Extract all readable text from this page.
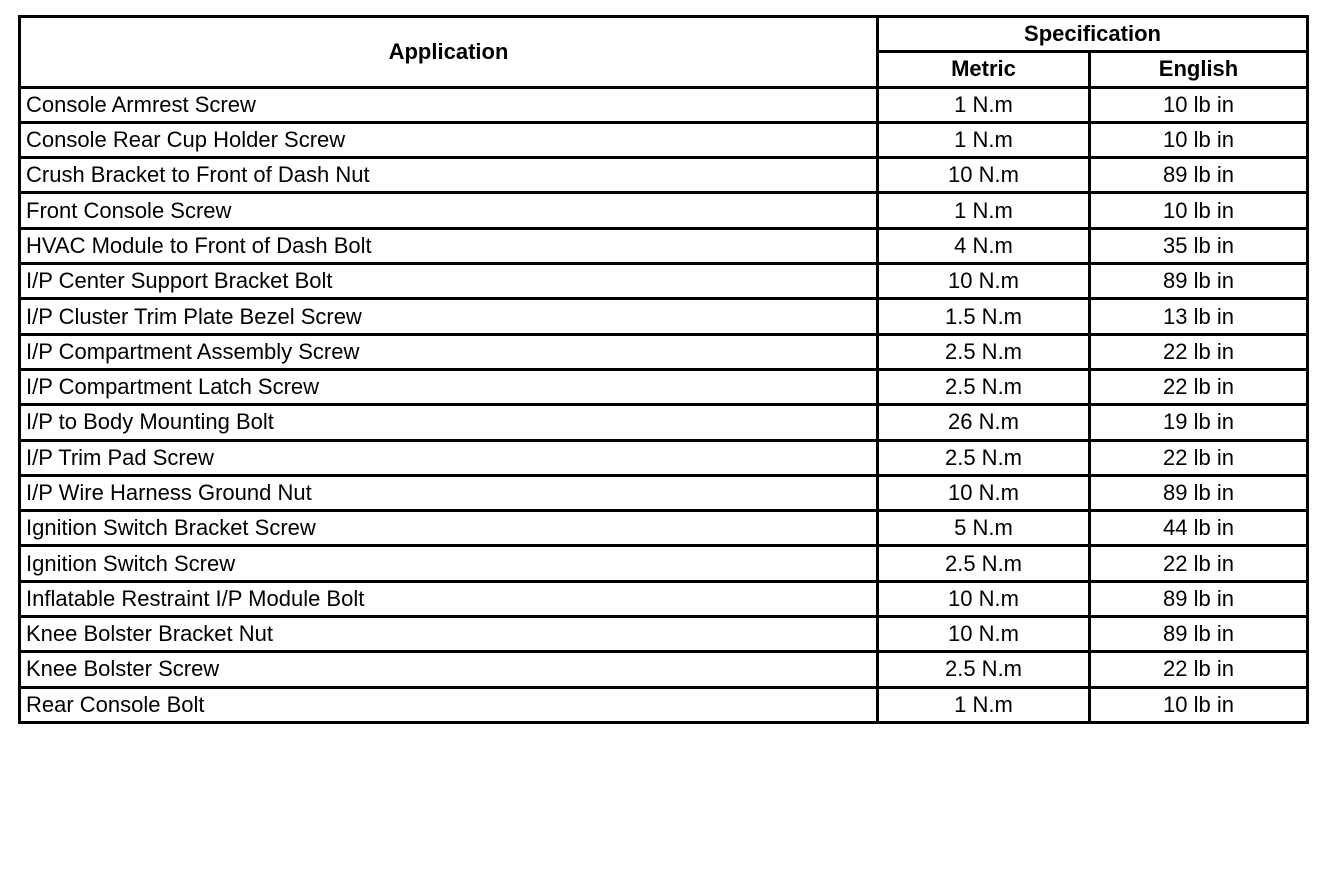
Application	Specification	
	Metric	English
Console Armrest Screw	1 N.m	10 lb in
Console Rear Cup Holder Screw	1 N.m	10 lb in
Crush Bracket to Front of Dash Nut	10 N.m	89 lb in
Front Console Screw	1 N.m	10 lb in
HVAC Module to Front of Dash Bolt	4 N.m	35 lb in
I/P Center Support Bracket Bolt	10 N.m	89 lb in
I/P Cluster Trim Plate Bezel Screw	1.5 N.m	13 lb in
I/P Compartment Assembly Screw	2.5 N.m	22 lb in
I/P Compartment Latch Screw	2.5 N.m	22 lb in
I/P to Body Mounting Bolt	26 N.m	19 lb in
I/P Trim Pad Screw	2.5 N.m	22 lb in
I/P Wire Harness Ground Nut	10 N.m	89 lb in
Ignition Switch Bracket Screw	5 N.m	44 lb in
Ignition Switch Screw	2.5 N.m	22 lb in
Inflatable Restraint I/P Module Bolt	10 N.m	89 lb in
Knee Bolster Bracket Nut	10 N.m	89 lb in
Knee Bolster Screw	2.5 N.m	22 lb in
Rear Console Bolt	1 N.m	10 lb in
